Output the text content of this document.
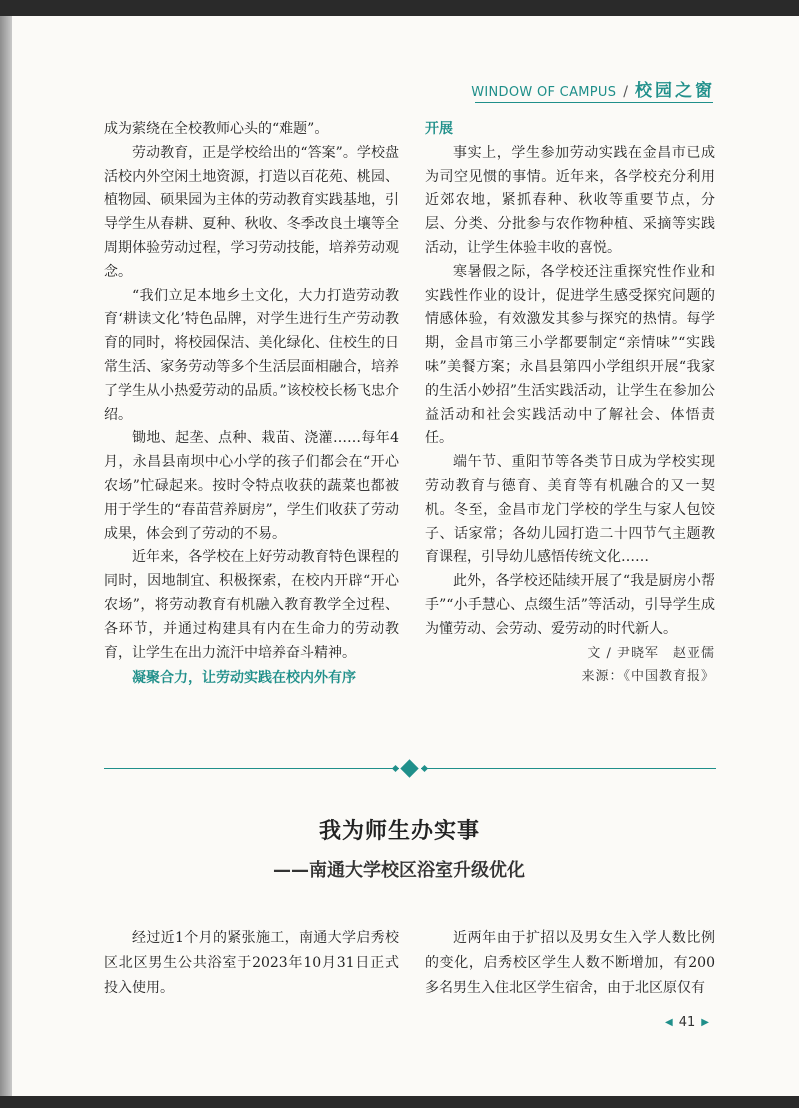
WINDOW OF CAMPUS / 校园之窗

成为萦绕在全校教师心头的“难题”。

劳动教育，正是学校给出的“答案”。学校盘活校内外空闲土地资源，打造以百花苑、桃园、植物园、硕果园为主体的劳动教育实践基地，引导学生从春耕、夏种、秋收、冬季改良土壤等全周期体验劳动过程，学习劳动技能，培养劳动观念。

“我们立足本地乡土文化，大力打造劳动教育‘耕读文化’特色品牌，对学生进行生产劳动教育的同时，将校园保洁、美化绿化、住校生的日常生活、家务劳动等多个生活层面相融合，培养了学生从小热爱劳动的品质。”该校校长杨飞忠介绍。

锄地、起垄、点种、栽苗、浇灌……每年4月，永昌县南坝中心小学的孩子们都会在“开心农场”忙碌起来。按时令特点收获的蔬菜也都被用于学生的“春苗营养厨房”，学生们收获了劳动成果，体会到了劳动的不易。

近年来，各学校在上好劳动教育特色课程的同时，因地制宜、积极探索，在校内开辟“开心农场”，将劳动教育有机融入教育教学全过程、各环节，并通过构建具有内在生命力的劳动教育，让学生在出力流汗中培养奋斗精神。

凝聚合力，让劳动实践在校内外有序

开展

事实上，学生参加劳动实践在金昌市已成为司空见惯的事情。近年来，各学校充分利用近郊农地，紧抓春种、秋收等重要节点，分层、分类、分批参与农作物种植、采摘等实践活动，让学生体验丰收的喜悦。

寒暑假之际，各学校还注重探究性作业和实践性作业的设计，促进学生感受探究问题的情感体验，有效激发其参与探究的热情。每学期，金昌市第三小学都要制定“亲情味”“实践味”美餐方案；永昌县第四小学组织开展“我家的生活小妙招”生活实践活动，让学生在参加公益活动和社会实践活动中了解社会、体悟责任。

端午节、重阳节等各类节日成为学校实现劳动教育与德育、美育等有机融合的又一契机。冬至，金昌市龙门学校的学生与家人包饺子、话家常；各幼儿园打造二十四节气主题教育课程，引导幼儿感悟传统文化……

此外，各学校还陆续开展了“我是厨房小帮手”“小手慧心、点缀生活”等活动，引导学生成为懂劳动、会劳动、爱劳动的时代新人。

文 / 尹晓军　赵亚儒

来源：《中国教育报》

我为师生办实事
——南通大学校区浴室升级优化

经过近1个月的紧张施工，南通大学启秀校区北区男生公共浴室于2023年10月31日正式投入使用。

近两年由于扩招以及男女生入学人数比例的变化，启秀校区学生人数不断增加，有200多名男生入住北区学生宿舍，由于北区原仅有

◀ 41 ▶
